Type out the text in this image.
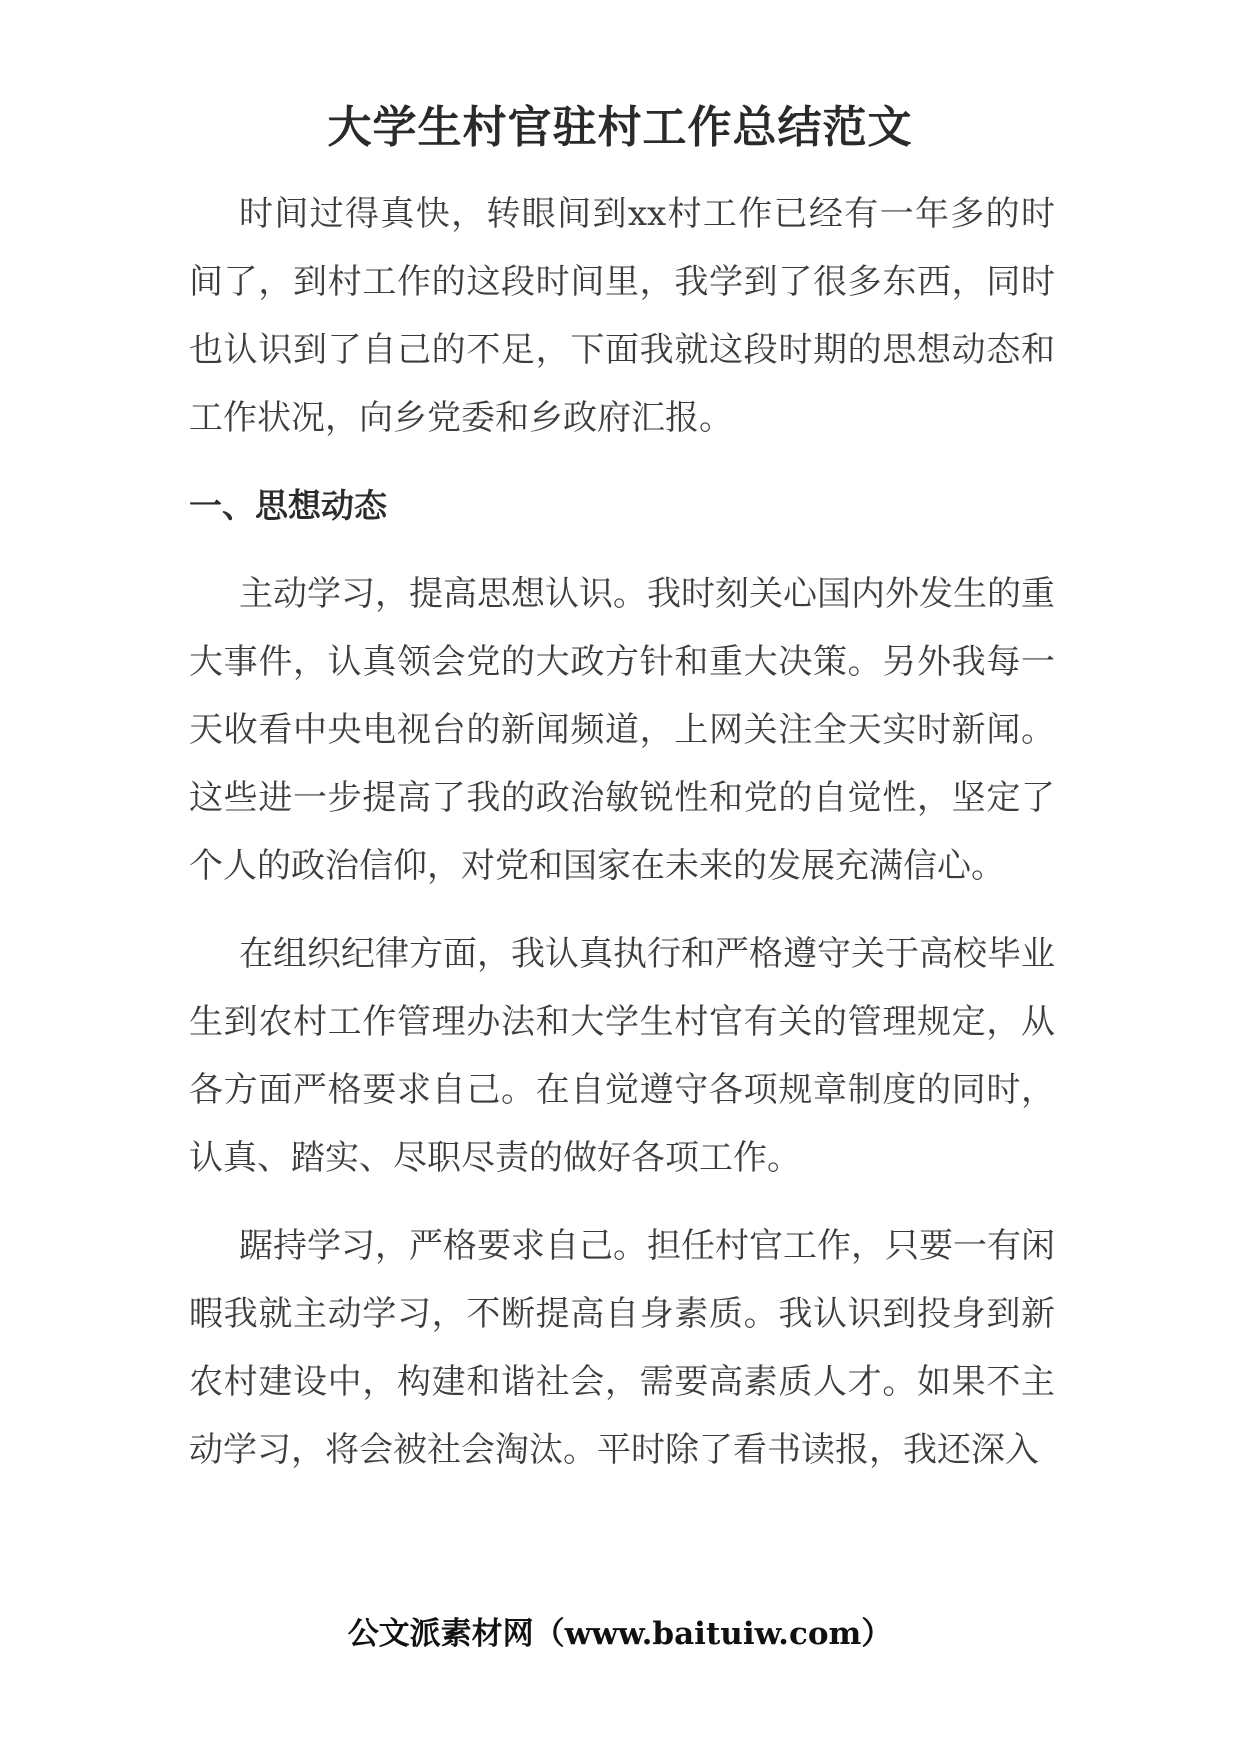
大学生村官驻村工作总结范文

时间过得真快，转眼间到xx村工作已经有一年多的时间了，到村工作的这段时间里，我学到了很多东西，同时也认识到了自己的不足，下面我就这段时期的思想动态和工作状况，向乡党委和乡政府汇报。

一、思想动态

主动学习，提高思想认识。我时刻关心国内外发生的重大事件，认真领会党的大政方针和重大决策。另外我每一天收看中央电视台的新闻频道，上网关注全天实时新闻。这些进一步提高了我的政治敏锐性和党的自觉性，坚定了个人的政治信仰，对党和国家在未来的发展充满信心。

在组织纪律方面，我认真执行和严格遵守关于高校毕业生到农村工作管理办法和大学生村官有关的管理规定，从各方面严格要求自己。在自觉遵守各项规章制度的同时，认真、踏实、尽职尽责的做好各项工作。

踞持学习，严格要求自己。担任村官工作，只要一有闲暇我就主动学习，不断提高自身素质。我认识到投身到新农村建设中，构建和谐社会，需要高素质人才。如果不主动学习，将会被社会淘汰。平时除了看书读报，我还深入

公文派素材网（www.baituiw.com）
